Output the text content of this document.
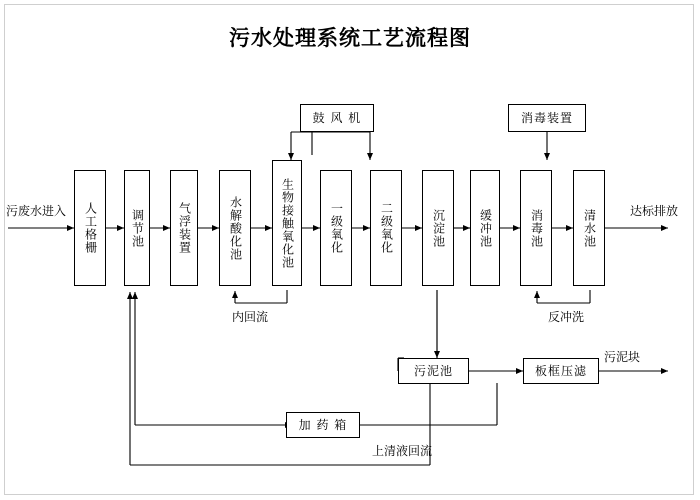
污水处理系统工艺流程图
人工格栅	调节池	气浮装置	水解酸化池	生物接触氧化池	一级氧化	二级氧化	沉淀池	缓冲池	消毒池	清水池
鼓 风 机	消毒装置
污泥池	板框压滤
加 药 箱
污废水进入	达标排放
污泥块
内回流	反冲洗
上清液回流
